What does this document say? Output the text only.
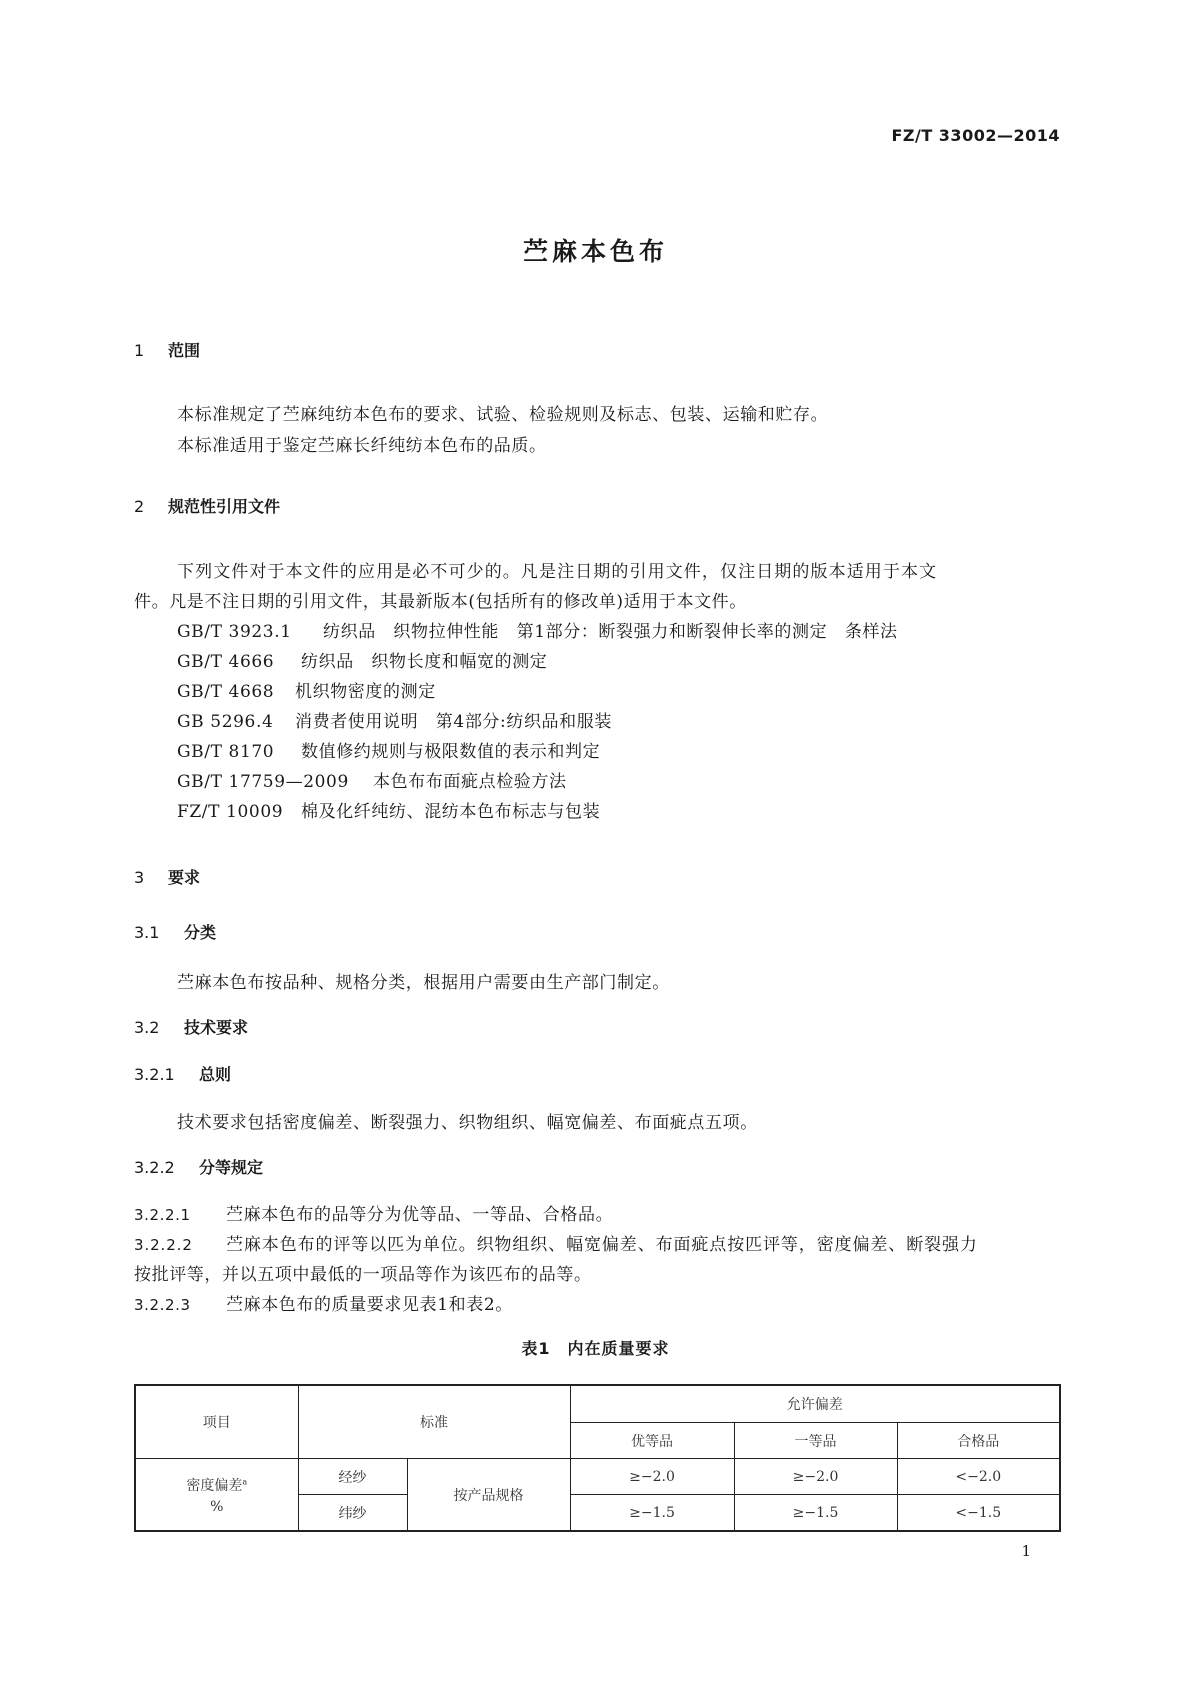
FZ/T 33002—2014
苎麻本色布
1 范围
本标准规定了苎麻纯纺本色布的要求、试验、检验规则及标志、包装、运输和贮存。
本标准适用于鉴定苎麻长纤纯纺本色布的品质。
2 规范性引用文件
下列文件对于本文件的应用是必不可少的。凡是注日期的引用文件，仅注日期的版本适用于本文
件。凡是不注日期的引用文件，其最新版本(包括所有的修改单)适用于本文件。
GB/T 3923.1 纺织品　织物拉伸性能　第1部分：断裂强力和断裂伸长率的测定　条样法
GB/T 4666 纺织品　织物长度和幅宽的测定
GB/T 4668 机织物密度的测定
GB 5296.4 消费者使用说明　第4部分:纺织品和服装
GB/T 8170 数值修约规则与极限数值的表示和判定
GB/T 17759—2009 本色布布面疵点检验方法
FZ/T 10009 棉及化纤纯纺、混纺本色布标志与包装
3 要求
3.1 分类
苎麻本色布按品种、规格分类，根据用户需要由生产部门制定。
3.2 技术要求
3.2.1 总则
技术要求包括密度偏差、断裂强力、织物组织、幅宽偏差、布面疵点五项。
3.2.2 分等规定
3.2.2.1 苎麻本色布的品等分为优等品、一等品、合格品。
3.2.2.2 苎麻本色布的评等以匹为单位。织物组织、幅宽偏差、布面疵点按匹评等，密度偏差、断裂强力
按批评等，并以五项中最低的一项品等作为该匹布的品等。
3.2.2.3 苎麻本色布的质量要求见表1和表2。
表1　内在质量要求
项目	标准		允许偏差		
			优等品	一等品	合格品

密度偏差$^a$
%	经纱	按产品规格	≥−2.0	≥−2.0	<−2.0
	纬纱		≥−1.5	≥−1.5	<−1.5
1
